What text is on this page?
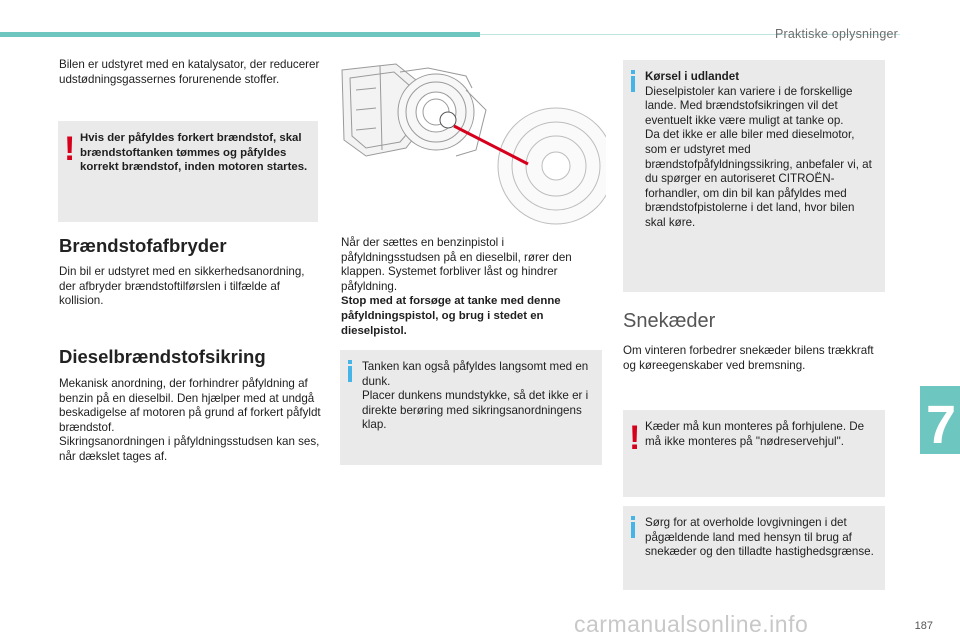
Praktiske oplysninger

Bilen er udstyret med en katalysator, der reducerer udstødningsgassernes forurenende stoffer.

! Hvis der påfyldes forkert brændstof, skal brændstoftanken tømmes og påfyldes korrekt brændstof, inden motoren startes.
Brændstofafbryder

Din bil er udstyret med en sikkerhedsanordning, der afbryder brændstoftilførslen i tilfælde af kollision.

Dieselbrændstofsikring

Mekanisk anordning, der forhindrer påfyldning af benzin på en dieselbil. Den hjælper med at undgå beskadigelse af motoren på grund af forkert påfyldt brændstof.

Sikringsanordningen i påfyldningsstudsen kan ses, når dækslet tages af.

Når der sættes en benzinpistol i påfyldningsstudsen på en dieselbil, rører den klappen. Systemet forbliver låst og hindrer påfyldning.

Stop med at forsøge at tanke med denne påfyldningspistol, og brug i stedet en dieselpistol.

Tanken kan også påfyldes langsomt med en dunk.
Placer dunkens mundstykke, så det ikke er i direkte berøring med sikringsanordningens klap.
Kørsel i udlandet
Dieselpistoler kan variere i de forskellige lande. Med brændstofsikringen vil det eventuelt ikke være muligt at tanke op.
Da det ikke er alle biler med dieselmotor, som er udstyret med brændstofpåfyldningssikring, anbefaler vi, at du spørger en autoriseret CITROËN-forhandler, om din bil kan påfyldes med brændstofpistolerne i det land, hvor bilen skal køre.
Snekæder

Om vinteren forbedrer snekæder bilens trækkraft og køreegenskaber ved bremsning.

! Kæder må kun monteres på forhjulene. De må ikke monteres på "nødreservehjul".
Sørg for at overholde lovgivningen i det pågældende land med hensyn til brug af snekæder og den tilladte hastighedsgrænse.
7
carmanualsonline.info	187
